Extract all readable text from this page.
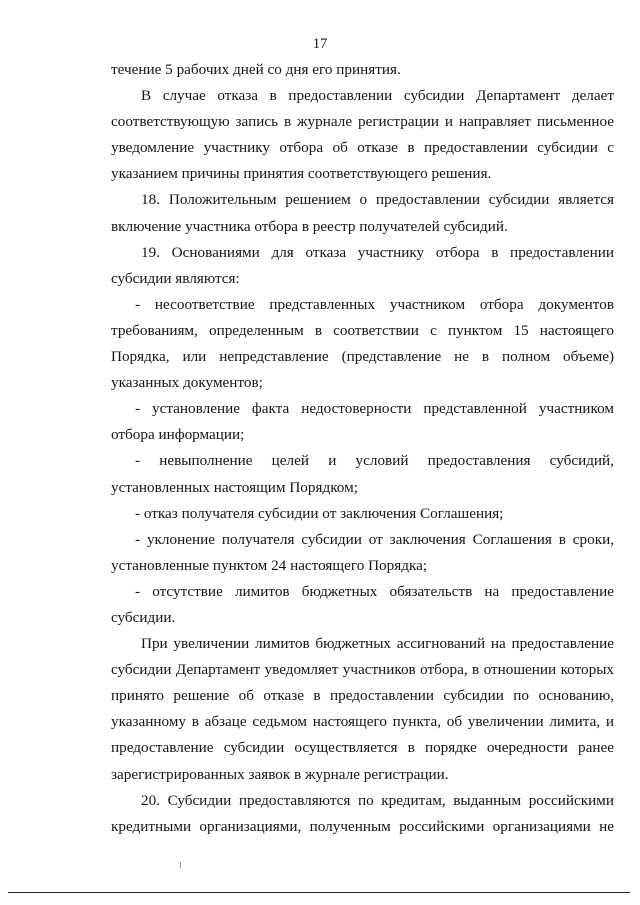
17

течение 5 рабочих дней со дня его принятия.

В случае отказа в предоставлении субсидии Департамент делает соответствующую запись в журнале регистрации и направляет письменное уведомление участнику отбора об отказе в предоставлении субсидии с указанием причины принятия соответствующего решения.

18. Положительным решением о предоставлении субсидии является включение участника отбора в реестр получателей субсидий.

19. Основаниями для отказа участнику отбора в предоставлении субсидии являются:

- несоответствие представленных участником отбора документов требованиям, определенным в соответствии с пунктом 15 настоящего Порядка, или непредставление (представление не в полном объеме) указанных документов;

- установление факта недостоверности представленной участником отбора информации;

- невыполнение целей и условий предоставления субсидий, установленных настоящим Порядком;

- отказ получателя субсидии от заключения Соглашения;

- уклонение получателя субсидии от заключения Соглашения в сроки, установленные пунктом 24 настоящего Порядка;

- отсутствие лимитов бюджетных обязательств на предоставление субсидии.

При увеличении лимитов бюджетных ассигнований на предоставление субсидии Департамент уведомляет участников отбора, в отношении которых принято решение об отказе в предоставлении субсидии по основанию, указанному в абзаце седьмом настоящего пункта, об увеличении лимита, и предоставление субсидии осуществляется в порядке очередности ранее зарегистрированных заявок в журнале регистрации.

20. Субсидии предоставляются по кредитам, выданным российскими кредитными организациями, полученным российскими организациями не
